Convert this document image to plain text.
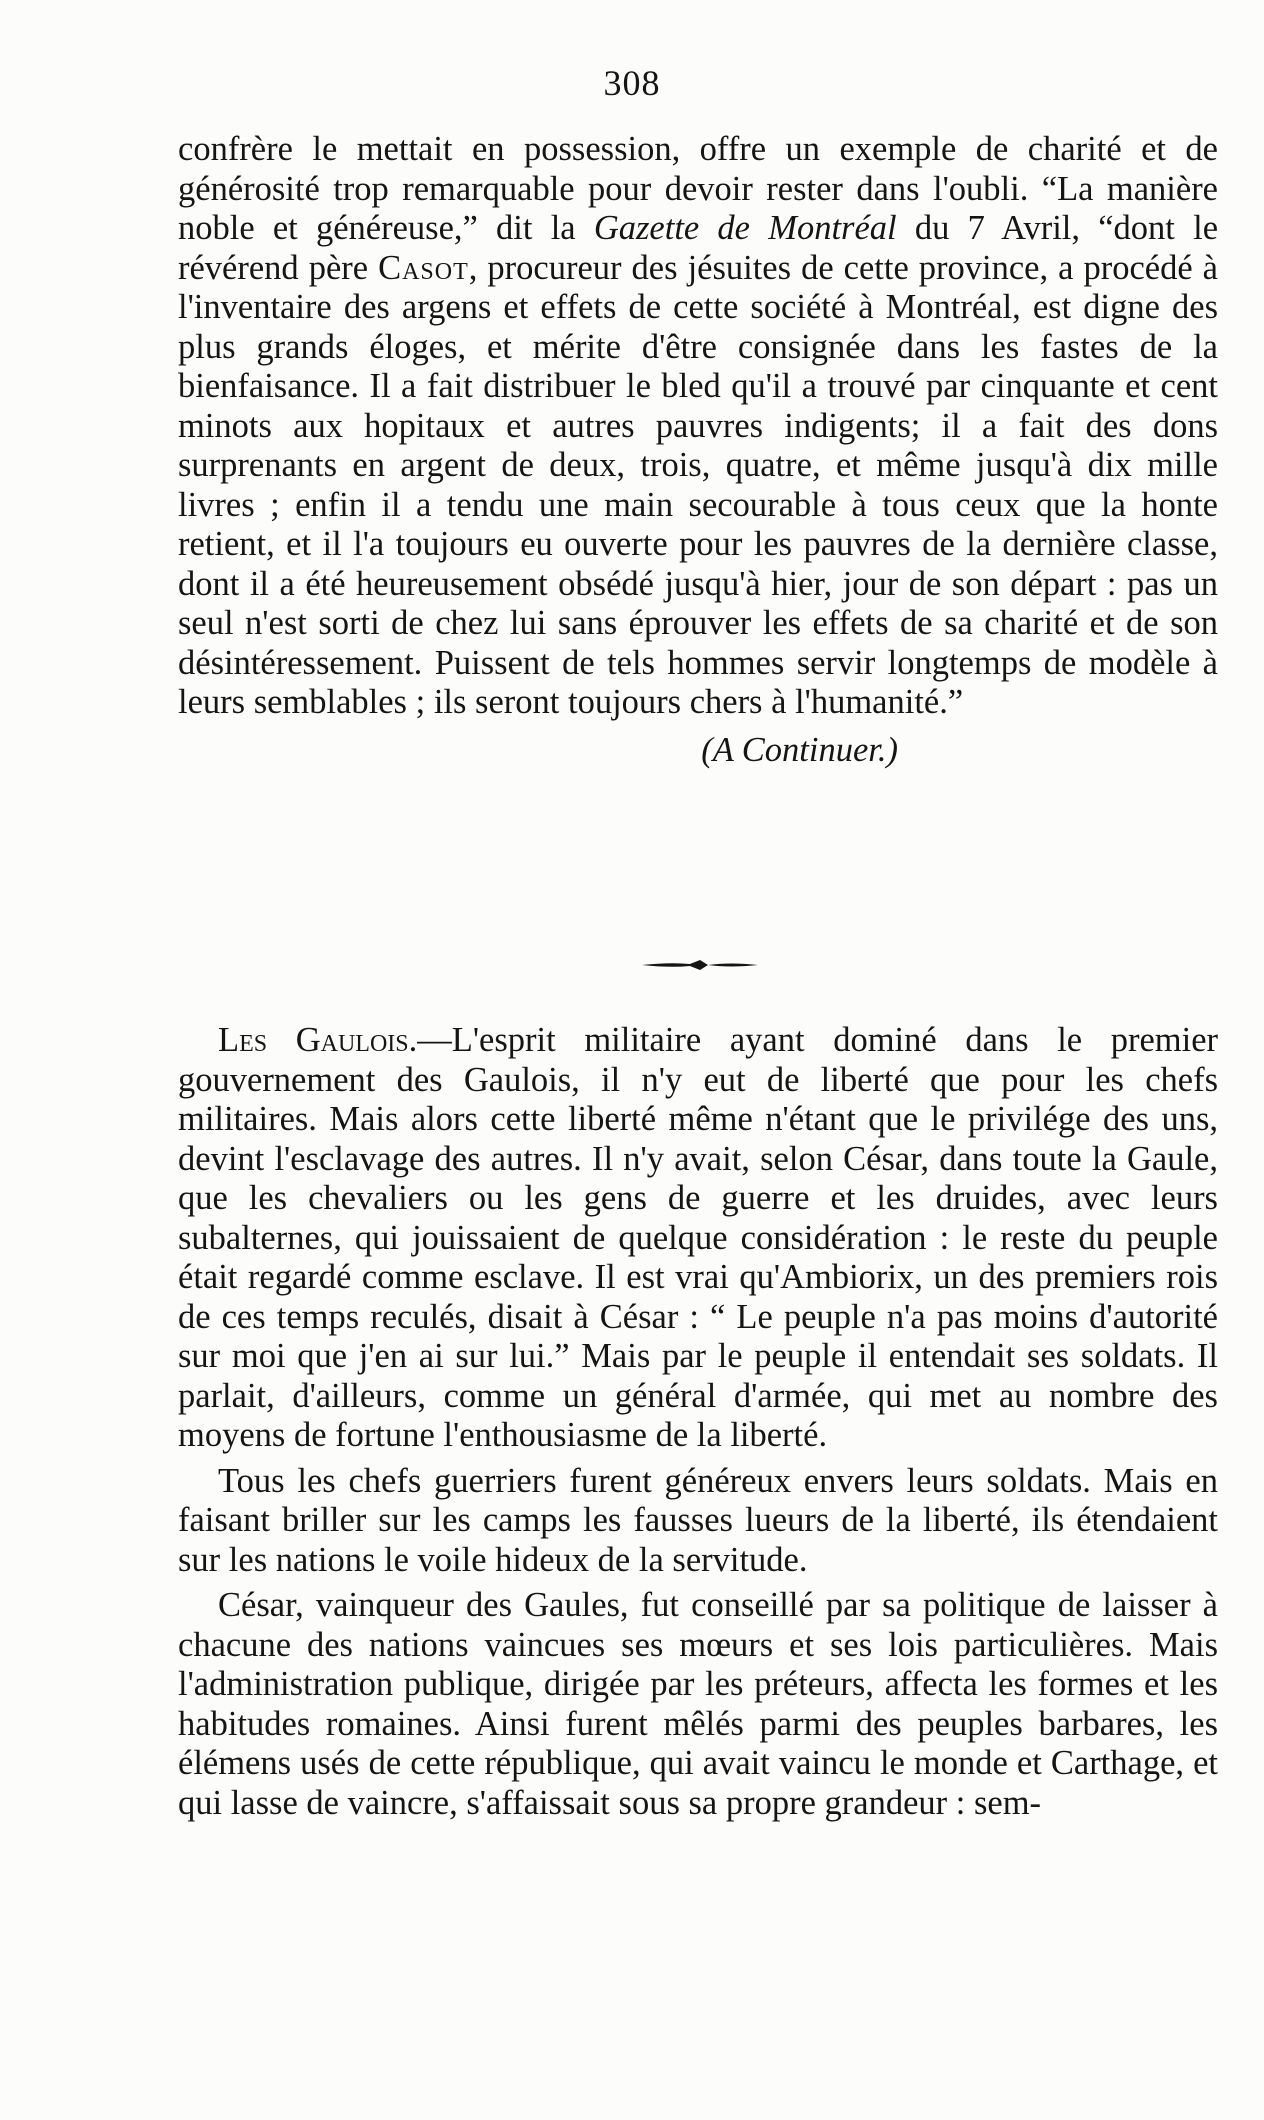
308

confrère le mettait en possession, offre un exemple de charité et de générosité trop remarquable pour devoir rester dans l'oubli. “La manière noble et généreuse,” dit la Gazette de Montréal du 7 Avril, “dont le révérend père Casot, procureur des jésuites de cette province, a procédé à l'inventaire des argens et effets de cette société à Montréal, est digne des plus grands éloges, et mérite d'être consignée dans les fastes de la bienfaisance. Il a fait distribuer le bled qu'il a trouvé par cinquante et cent minots aux hopitaux et autres pauvres indigents; il a fait des dons surprenants en argent de deux, trois, quatre, et même jusqu'à dix mille livres ; enfin il a tendu une main secourable à tous ceux que la honte retient, et il l'a toujours eu ouverte pour les pauvres de la dernière classe, dont il a été heureusement obsédé jusqu'à hier, jour de son départ : pas un seul n'est sorti de chez lui sans éprouver les effets de sa charité et de son désintéressement. Puissent de tels hommes servir longtemps de modèle à leurs semblables ; ils seront toujours chers à l'humanité.”

(A Continuer.)

Les Gaulois.—L'esprit militaire ayant dominé dans le premier gouvernement des Gaulois, il n'y eut de liberté que pour les chefs militaires. Mais alors cette liberté même n'étant que le privilége des uns, devint l'esclavage des autres. Il n'y avait, selon César, dans toute la Gaule, que les chevaliers ou les gens de guerre et les druides, avec leurs subalternes, qui jouissaient de quelque considération : le reste du peuple était regardé comme esclave. Il est vrai qu'Ambiorix, un des premiers rois de ces temps reculés, disait à César : “ Le peuple n'a pas moins d'autorité sur moi que j'en ai sur lui.” Mais par le peuple il entendait ses soldats. Il parlait, d'ailleurs, comme un général d'armée, qui met au nombre des moyens de fortune l'enthousiasme de la liberté.

Tous les chefs guerriers furent généreux envers leurs soldats. Mais en faisant briller sur les camps les fausses lueurs de la liberté, ils étendaient sur les nations le voile hideux de la servitude.

César, vainqueur des Gaules, fut conseillé par sa politique de laisser à chacune des nations vaincues ses mœurs et ses lois particulières. Mais l'administration publique, dirigée par les préteurs, affecta les formes et les habitudes romaines. Ainsi furent mêlés parmi des peuples barbares, les élémens usés de cette république, qui avait vaincu le monde et Carthage, et qui lasse de vaincre, s'affaissait sous sa propre grandeur : sem-
